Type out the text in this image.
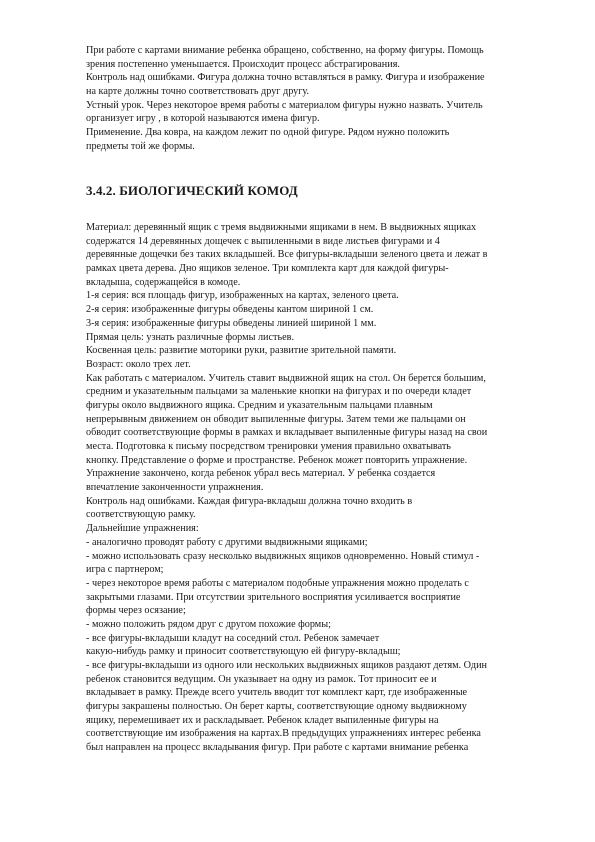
При работе с картами внимание ребенка обращено, собственно, на форму фигуры. Помощь
зрения постепенно уменьшается. Происходит процесс абстрагирования.
Контроль над ошибками. Фигура должна точно вставляться в рамку. Фигура и изображение
на карте должны точно соответствовать друг другу.
Устный урок. Через некоторое время работы с материалом фигуры нужно назвать. Учитель
организует игру , в которой называются имена фигур.
Применение. Два ковра, на каждом лежит по одной фигуре. Рядом нужно положить
предметы той же формы.
3.4.2. БИОЛОГИЧЕСКИЙ КОМОД
Материал: деревянный ящик с тремя выдвижными ящиками в нем. В выдвижных ящиках
содержатся 14 деревянных дощечек с выпиленными в виде листьев фигурами и 4
деревянные дощечки без таких вкладышей. Все фигуры-вкладыши зеленого цвета и лежат в
рамках цвета дерева. Дно ящиков зеленое. Три комплекта карт для каждой фигуры-
вкладыша, содержащейся в комоде.
1-я серия: вся площадь фигур, изображенных на картах, зеленого цвета.
2-я серия: изображенные фигуры обведены кантом шириной 1 см.
3-я серия: изображенные фигуры обведены линией шириной 1 мм.
Прямая цель: узнать различные формы листьев.
Косвенная цель: развитие моторики руки, развитие зрительной памяти.
Возраст: около трех лет.
Как работать с материалом. Учитель ставит выдвижной ящик на стол. Он берется большим,
средним и указательным пальцами за маленькие кнопки на фигурах и по очереди кладет
фигуры около выдвижного ящика. Средним и указательным пальцами плавным
непрерывным движением он обводит выпиленные фигуры. Затем теми же пальцами он
обводит соответствующие формы в рамках и вкладывает выпиленные фигуры назад на свои
места. Подготовка к письму посредством тренировки умения правильно охватывать
кнопку. Представление о форме и пространстве. Ребенок может повторить упражнение.
Упражнение закончено, когда ребенок убрал весь материал. У ребенка создается
впечатление законченности упражнения.
Контроль над ошибками. Каждая фигура-вкладыш должна точно входить в
соответствующую рамку.
Дальнейшие упражнения:
- аналогично проводят работу с другими выдвижными ящиками;
- можно использовать сразу несколько выдвижных ящиков одновременно. Новый стимул -
игра с партнером;
- через некоторое время работы с материалом подобные упражнения можно проделать с
закрытыми глазами. При отсутствии зрительного восприятия усиливается восприятие
формы через осязание;
- можно положить рядом друг с другом похожие формы;
- все фигуры-вкладыши кладут на соседний стол. Ребенок замечает
какую-нибудь рамку и приносит соответствующую ей фигуру-вкладыш;
- все фигуры-вкладыши из одного или нескольких выдвижных ящиков раздают детям. Один
ребенок становится ведущим. Он указывает на одну из рамок. Тот приносит ее и
вкладывает в рамку. Прежде всего учитель вводит тот комплект карт, где изображенные
фигуры закрашены полностью. Он берет карты, соответствующие одному выдвижному
ящику, перемешивает их и раскладывает. Ребенок кладет выпиленные фигуры на
соответствующие им изображения на картах.В предыдущих упражнениях интерес ребенка
был направлен на процесс вкладывания фигур. При работе с картами внимание ребенка
